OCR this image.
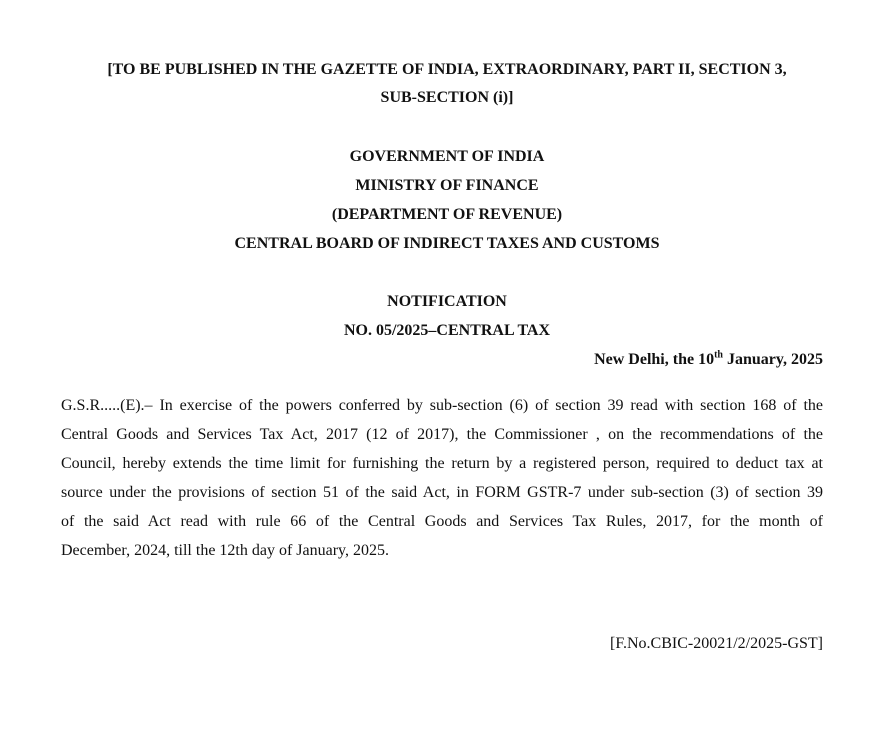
[TO BE PUBLISHED IN THE GAZETTE OF INDIA, EXTRAORDINARY, PART II, SECTION 3,
SUB-SECTION (i)]
GOVERNMENT OF INDIA
MINISTRY OF FINANCE
(DEPARTMENT OF REVENUE)
CENTRAL BOARD OF INDIRECT TAXES AND CUSTOMS
NOTIFICATION
NO. 05/2025–CENTRAL TAX
New Delhi, the 10th January, 2025
G.S.R.....(E).– In exercise of the powers conferred by sub-section (6) of section 39 read with section 168 of the
Central Goods and Services Tax Act, 2017 (12 of 2017), the Commissioner , on the recommendations of the
Council, hereby extends the time limit for furnishing the return by a registered person, required to deduct tax at
source under the provisions of section 51 of the said Act, in FORM GSTR-7 under sub-section (3) of section 39
of the said Act read with rule 66 of the Central Goods and Services Tax Rules, 2017, for the month of
December, 2024, till the 12th day of January, 2025.
[F.No.CBIC-20021/2/2025-GST]
